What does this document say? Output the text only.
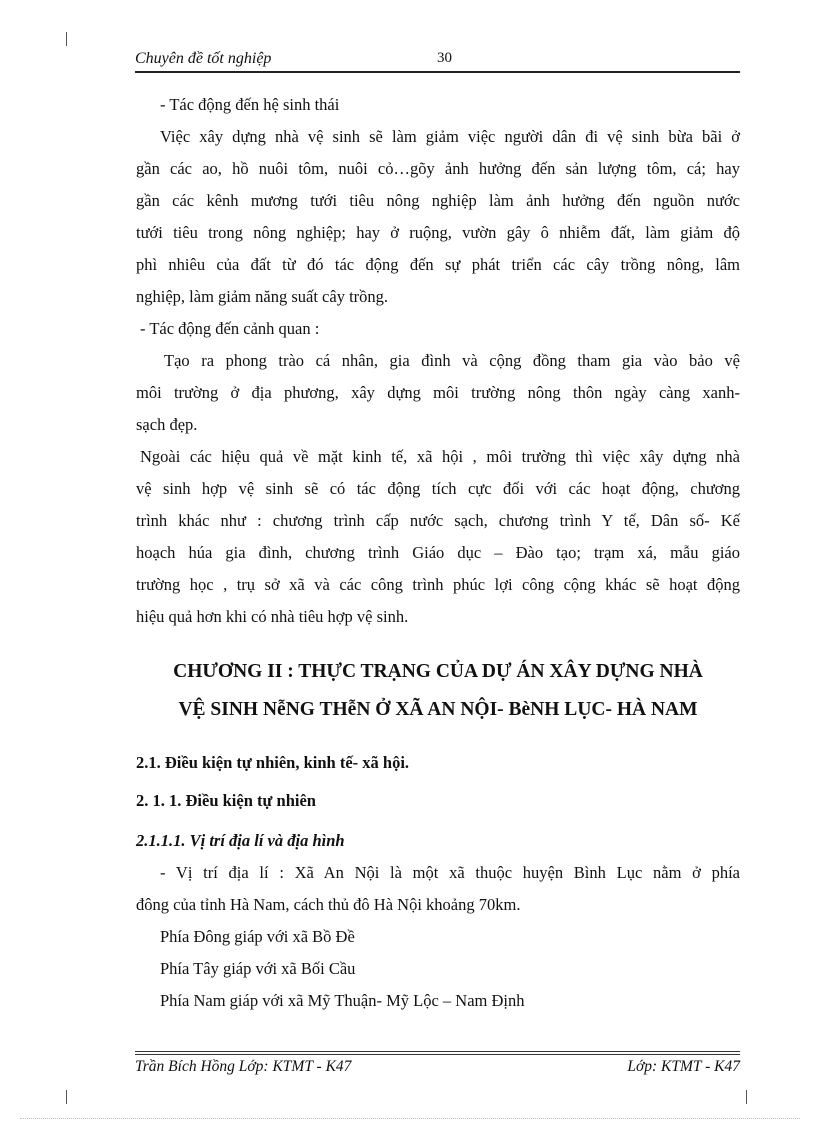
Chuyên đề tốt nghiệp	30
- Tác động đến hệ sinh thái
Việc xây dựng nhà vệ sinh sẽ làm giảm việc người dân đi vệ sinh bừa bãi ở
gần các ao, hồ nuôi tôm, nuôi cỏ…gõy ảnh hưởng đến sản lượng tôm, cá; hay
gần các kênh mương tưới tiêu nông nghiệp làm ảnh hưởng đến nguồn nước
tưới tiêu trong nông nghiệp; hay ở ruộng, vườn gây ô nhiễm đất, làm giảm độ
phì nhiêu của đất từ đó tác động đến sự phát triển các cây trồng nông, lâm
nghiệp, làm giảm năng suất cây trồng.
- Tác động đến cảnh quan :
Tạo ra phong trào cá nhân, gia đình và cộng đồng tham gia vào bảo vệ
môi trường ở địa phương, xây dựng môi trường nông thôn ngày càng xanh-
sạch đẹp.
Ngoài các hiệu quả về mặt kinh tế, xã hội , môi trường thì việc xây dựng nhà
vệ sinh hợp vệ sinh sẽ có tác động tích cực đối với các hoạt động, chương
trình khác như : chương trình cấp nước sạch, chương trình Y tế, Dân số- Kế
hoạch húa gia đình, chương trình Giáo dục – Đào tạo; trạm xá, mẫu giáo
trường học , trụ sở xã và các công trình phúc lợi công cộng khác sẽ hoạt động
hiệu quả hơn khi có nhà tiêu hợp vệ sinh.
CHƯƠNG II : THỰC TRẠNG CỦA DỰ ÁN XÂY DỰNG NHÀ
VỆ SINH NễNG THễN Ở XÃ AN NỘI- BèNH LỤC- HÀ NAM
2.1. Điều kiện tự nhiên, kinh tế- xã hội.
2. 1. 1. Điều kiện tự nhiên
2.1.1.1. Vị trí địa lí và địa hình
- Vị trí địa lí : Xã An Nội là một xã thuộc huyện Bình Lục nằm ở phía
đông của tỉnh Hà Nam, cách thủ đô Hà Nội khoảng 70km.
Phía Đông giáp với xã Bồ Đề
Phía Tây giáp với xã Bối Cầu
Phía Nam giáp với xã Mỹ Thuận- Mỹ Lộc – Nam Định
Trần Bích Hồng Lớp: KTMT - K47	Lớp: KTMT - K47
